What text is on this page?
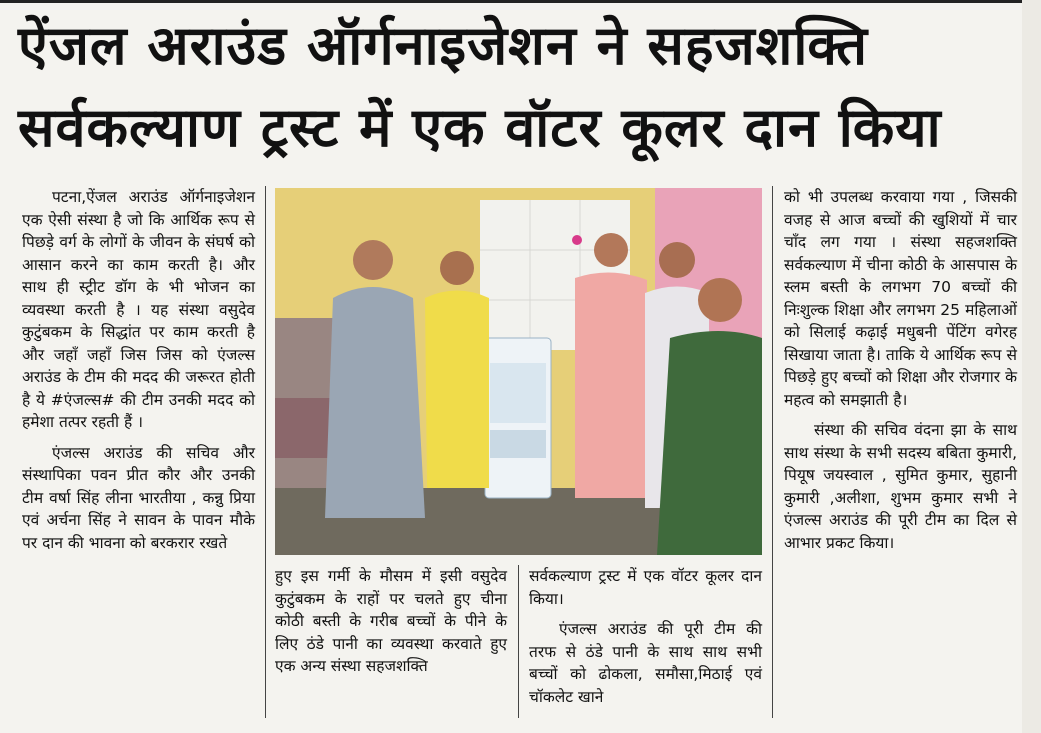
ऐंजल अराउंड ऑर्गनाइजेशन ने सहजशक्ति
सर्वकल्याण ट्रस्ट में एक वॉटर कूलर दान किया

पटना,ऐंजल अराउंड ऑर्गनाइजेशन एक ऐसी संस्था है जो कि आर्थिक रूप से पिछड़े वर्ग के लोगों के जीवन के संघर्ष को आसान करने का काम करती है। और साथ ही स्ट्रीट डॉग के भी भोजन का व्यवस्था करती है । यह संस्था वसुदेव कुटुंबकम के सिद्धांत पर काम करती है और जहाँ जहाँ जिस जिस को एंजल्स अराउंड के टीम की मदद की जरूरत होती है ये #एंजल्स# की टीम उनकी मदद को हमेशा तत्पर रहती हैं ।

एंजल्स अराउंड की सचिव और संस्थापिका पवन प्रीत कौर और उनकी टीम वर्षा सिंह लीना भारतीया , कन्नु प्रिया एवं अर्चना सिंह ने सावन के पावन मौके पर दान की भावना को बरकरार रखते

हुए इस गर्मी के मौसम में इसी वसुदेव कुटुंबकम के राहों पर चलते हुए चीना कोठी बस्ती के गरीब बच्चों के पीने के लिए ठंडे पानी का व्यवस्था करवाते हुए एक अन्य संस्था सहजशक्ति

सर्वकल्याण ट्रस्ट में एक वॉटर कूलर दान किया।

एंजल्स अराउंड की पूरी टीम की तरफ से ठंडे पानी के साथ साथ सभी बच्चों को ढोकला, समौसा,मिठाई एवं चॉकलेट खाने

को भी उपलब्ध करवाया गया , जिसकी वजह से आज बच्चों की खुशियों में चार चाँद लग गया । संस्था सहजशक्ति सर्वकल्याण में चीना कोठी के आसपास के स्लम बस्ती के लगभग 70 बच्चों की निःशुल्क शिक्षा और लगभग 25 महिलाओं को सिलाई कढ़ाई मधुबनी पेंटिंग वगेरह सिखाया जाता है। ताकि ये आर्थिक रूप से पिछड़े हुए बच्चों को शिक्षा और रोजगार के महत्व को समझाती है।

संस्था की सचिव वंदना झा के साथ साथ संस्था के सभी सदस्य बबिता कुमारी, पियूष जयस्वाल , सुमित कुमार, सुहानी कुमारी ,अलीशा, शुभम कुमार सभी ने एंजल्स अराउंड की पूरी टीम का दिल से आभार प्रकट किया।
